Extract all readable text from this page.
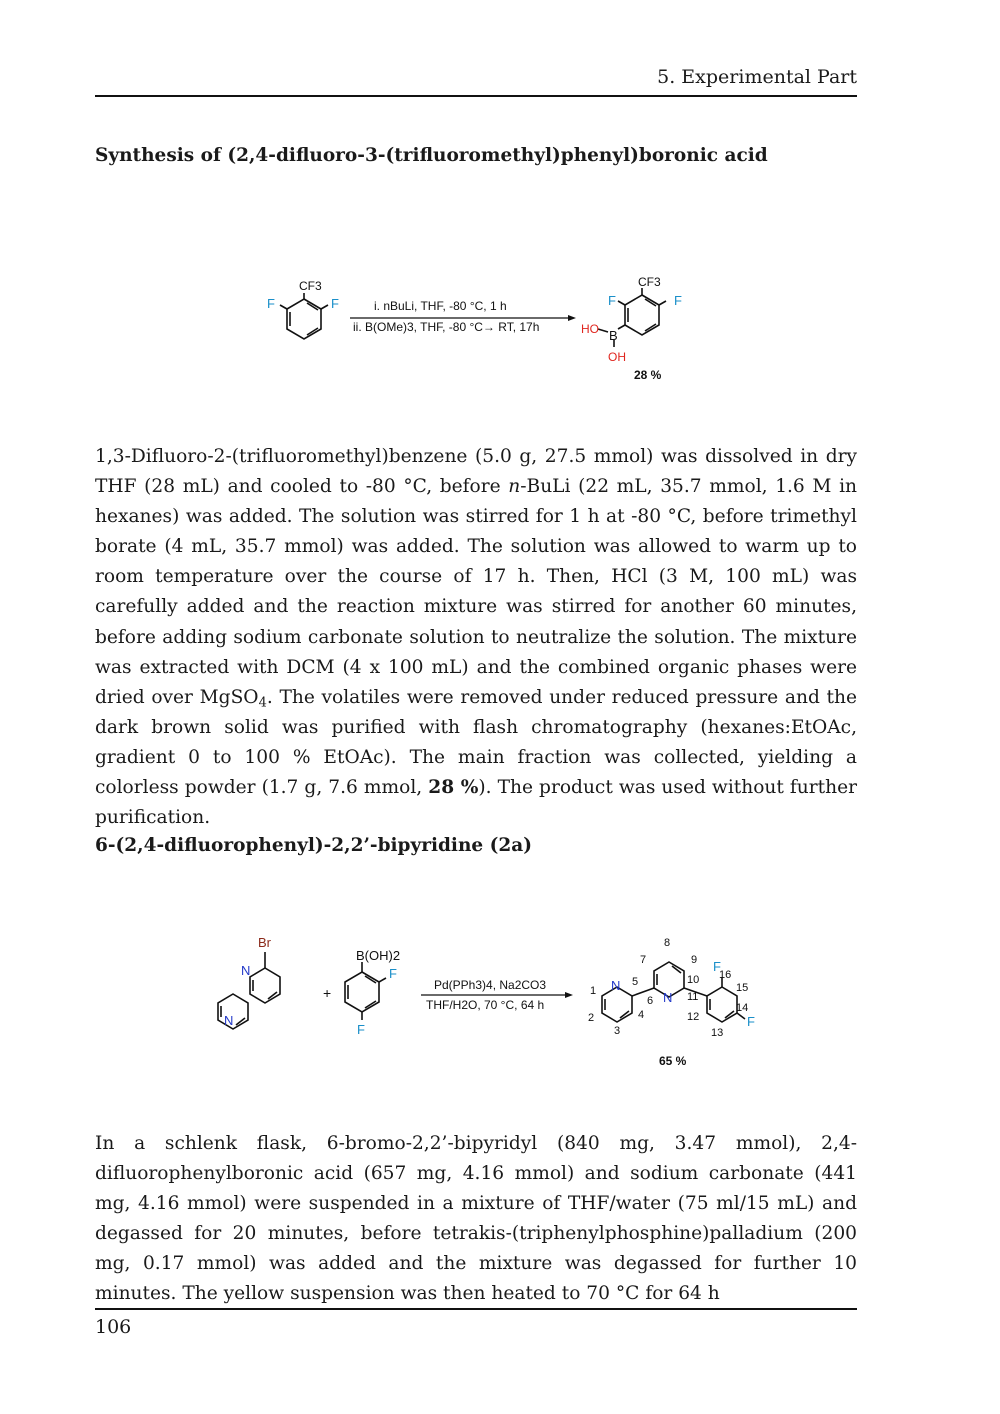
5. Experimental Part
Synthesis of (2,4-difluoro-3-(trifluoromethyl)phenyl)boronic acid
CF3
F	F	i. nBuLi, THF, -80 °C, 1 h
ii. B(OMe)3, THF, -80 °C→ RT, 17h
CF3
F	F
HO B
OH
28 %
1,3-Difluoro-2-(trifluoromethyl)benzene (5.0 g, 27.5 mmol) was dissolved in dry THF (28 mL) and cooled to -80 °C, before n-BuLi (22 mL, 35.7 mmol, 1.6 M in hexanes) was added. The solution was stirred for 1 h at -80 °C, before trimethyl borate (4 mL, 35.7 mmol) was added. The solution was allowed to warm up to room temperature over the course of 17 h. Then, HCl (3 M, 100 mL) was carefully added and the reaction mixture was stirred for another 60 minutes, before adding sodium carbonate solution to neutralize the solution. The mixture was extracted with DCM (4 x 100 mL) and the combined organic phases were dried over MgSO$_4$. The volatiles were removed under reduced pressure and the dark brown solid was purified with flash chromatography (hexanes:EtOAc, gradient 0 to 100 % EtOAc). The main fraction was collected, yielding a colorless powder (1.7 g, 7.6 mmol, 28 %). The product was used without further purification.
6-(2,4-difluorophenyl)-2,2’-bipyridine (2a)
Br
N
N
+
B(OH)2
F
F
Pd(PPh3)4, Na2CO3
THF/H2O, 70 °C, 64 h
N
N
F
F
1
2
3
4
5
6
7
8
9
10
11
12
13
14
15
16
65 %
In a schlenk flask, 6-bromo-2,2’-bipyridyl (840 mg, 3.47 mmol), 2,4-difluorophenylboronic acid (657 mg, 4.16 mmol) and sodium carbonate (441 mg, 4.16 mmol) were suspended in a mixture of THF/water (75 ml/15 mL) and degassed for 20 minutes, before tetrakis-(triphenylphosphine)palladium (200 mg, 0.17 mmol) was added and the mixture was degassed for further 10 minutes. The yellow suspension was then heated to 70 °C for 64 h
106
